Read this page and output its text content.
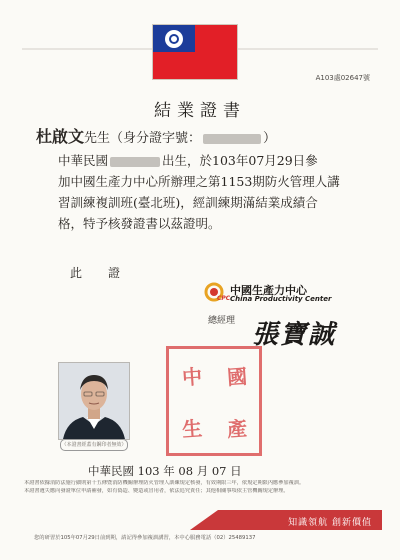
A103處02647號
結業證書
杜啟文先生（身分證字號：	）

中華民國	出生，於103年07月29日參

加中國生產力中心所辦理之第1153期防火管理人講

習訓練複訓班(臺北班)，經訓練期滿結業成績合

格，特予核發證書以茲證明。

此證
CPC
中國生產力中心
China Productivity Center
總經理 張寶誠
中 國
生 產
（本證書經蓋有鋼印者無效）
中華民國 103 年 08 月 07 日

本證書依據消防法施行細則第十五條暨消防機關辦理防火管理人訓練規定核發，有效期限三年，依規定期限內應參加複訓。

本證書遺失應向發證單位申請補發，如有偽造、變造或冒用者，依法追究責任；其他相關事項依主管機關規定辦理。

知識領航 創新價值
您的研習於105年07月29日前到期，請記得參加複訓講習，本中心服務電話（02）25489137
